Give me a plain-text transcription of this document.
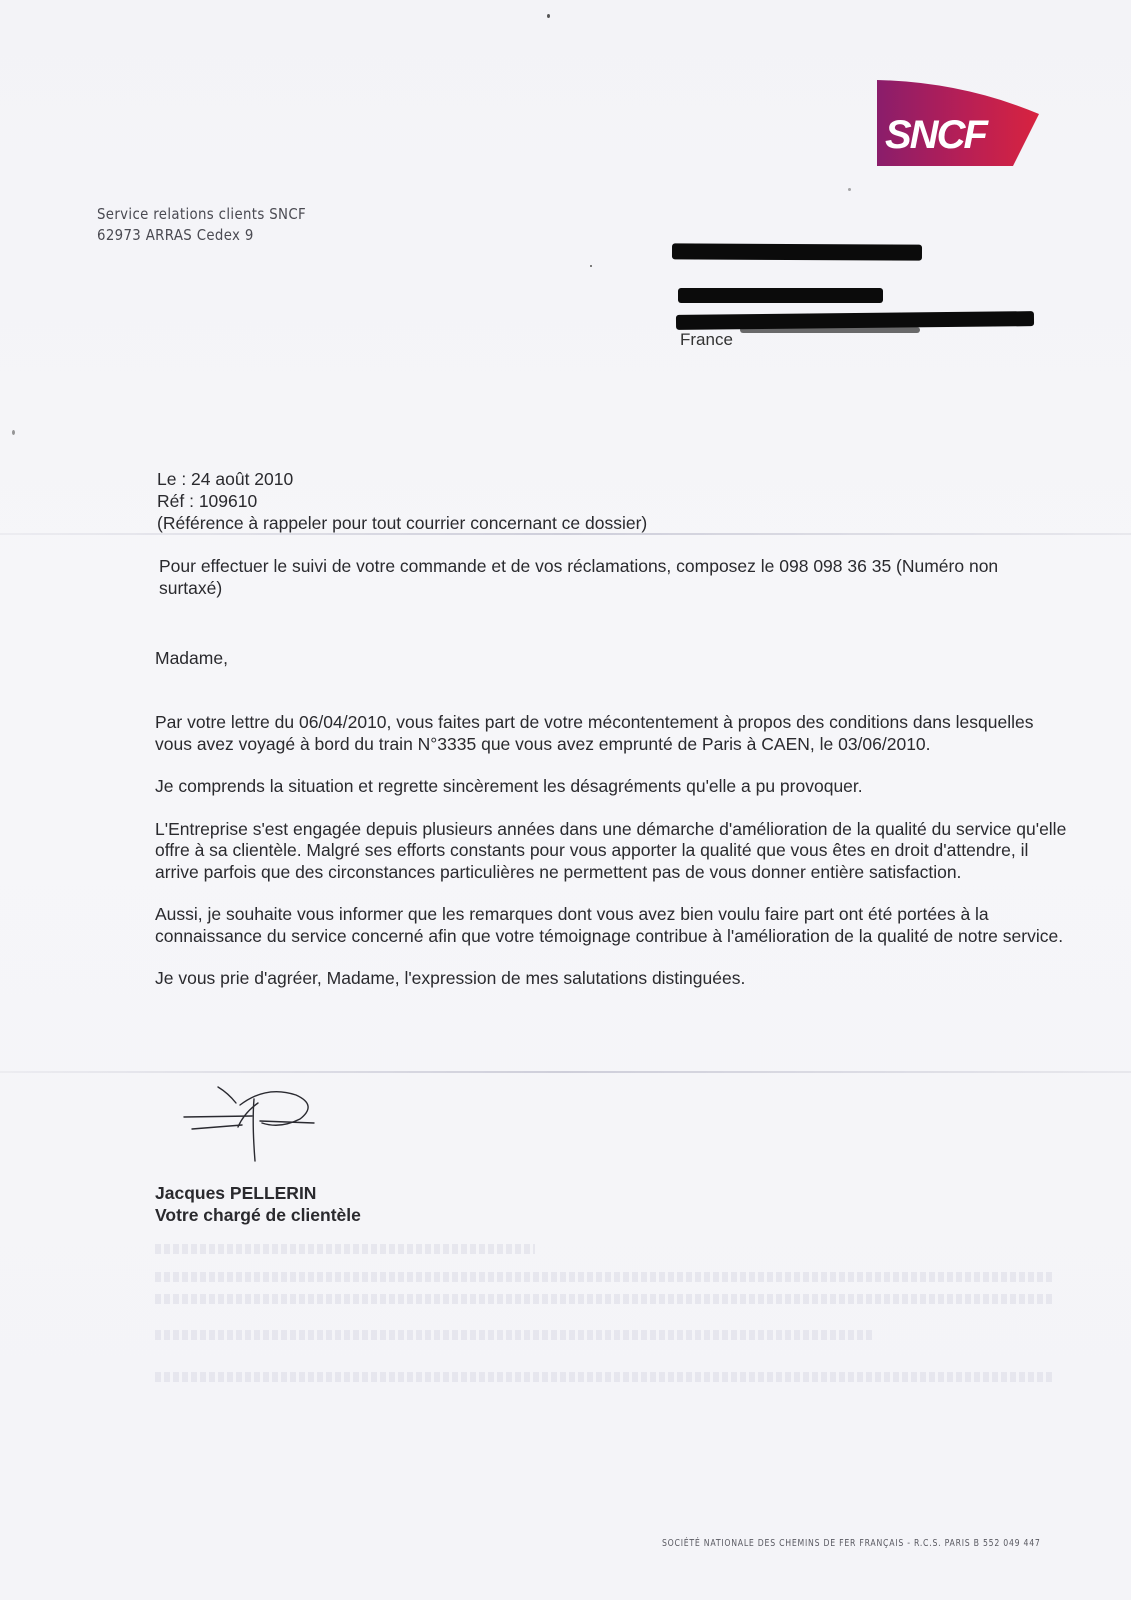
SNCF
Service relations clients SNCF
62973 ARRAS Cedex 9
France
Le : 24 août 2010
Réf : 109610
(Référence à rappeler pour tout courrier concernant ce dossier)
Pour effectuer le suivi de votre commande et de vos réclamations, composez le 098 098 36 35 (Numéro non surtaxé)
Madame,

Par votre lettre du 06/04/2010, vous faites part de votre mécontentement à propos des conditions dans lesquelles vous avez voyagé à bord du train N°3335 que vous avez emprunté de Paris à CAEN, le 03/06/2010.

Je comprends la situation et regrette sincèrement les désagréments qu'elle a pu provoquer.

L'Entreprise s'est engagée depuis plusieurs années dans une démarche d'amélioration de la qualité du service qu'elle offre à sa clientèle. Malgré ses efforts constants pour vous apporter la qualité que vous êtes en droit d'attendre, il arrive parfois que des circonstances particulières ne permettent pas de vous donner entière satisfaction.

Aussi, je souhaite vous informer que les remarques dont vous avez bien voulu faire part ont été portées à la connaissance du service concerné afin que votre témoignage contribue à l'amélioration de la qualité de notre service.

Je vous prie d'agréer, Madame, l'expression de mes salutations distinguées.

Jacques PELLERIN
Votre chargé de clientèle
SOCIÉTÉ NATIONALE DES CHEMINS DE FER FRANÇAIS - R.C.S. PARIS B 552 049 447
